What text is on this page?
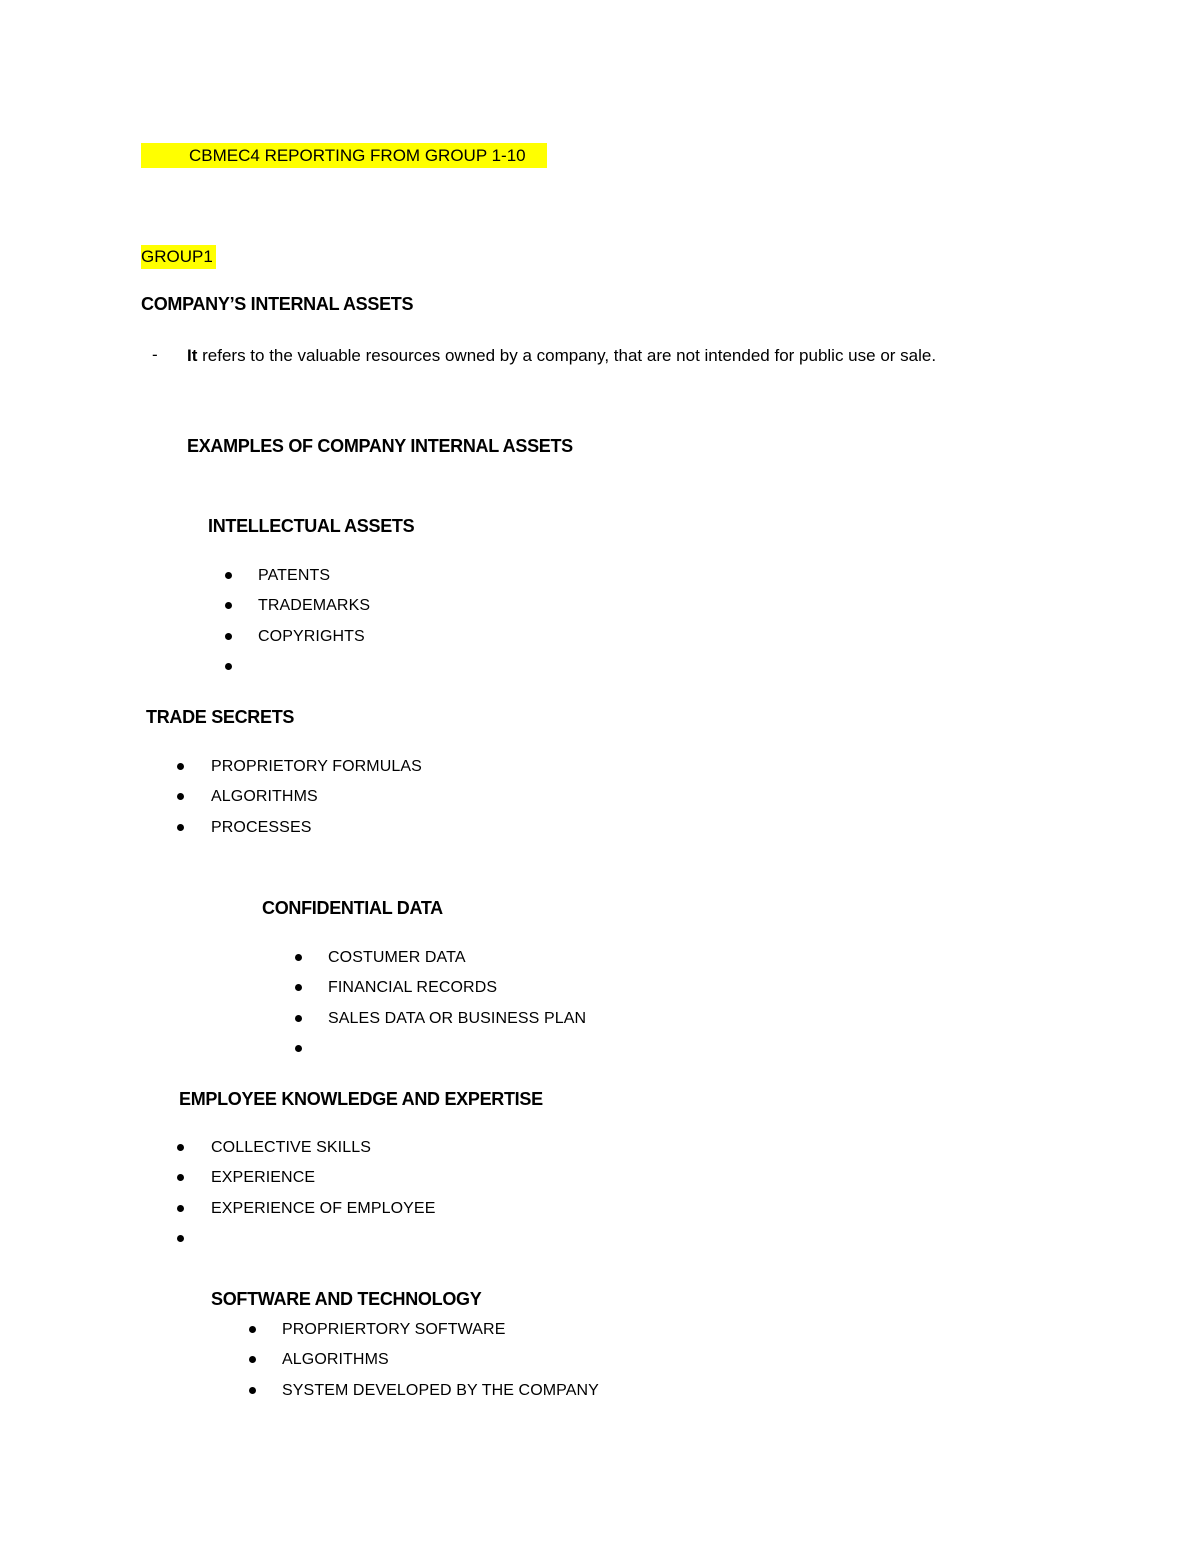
CBMEC4 REPORTING FROM GROUP 1-10
GROUP1
COMPANY’S INTERNAL ASSETS
- It refers to the valuable resources owned by a company, that are not intended for public use or sale.
EXAMPLES OF COMPANY INTERNAL ASSETS
INTELLECTUAL ASSETS
PATENTS
TRADEMARKS
COPYRIGHTS
TRADE SECRETS
PROPRIETORY FORMULAS
ALGORITHMS
PROCESSES
CONFIDENTIAL DATA
COSTUMER DATA
FINANCIAL RECORDS
SALES DATA OR BUSINESS PLAN
EMPLOYEE KNOWLEDGE AND EXPERTISE
COLLECTIVE SKILLS
EXPERIENCE
EXPERIENCE OF EMPLOYEE
SOFTWARE AND TECHNOLOGY
PROPRIERTORY SOFTWARE
ALGORITHMS
SYSTEM DEVELOPED BY THE COMPANY
